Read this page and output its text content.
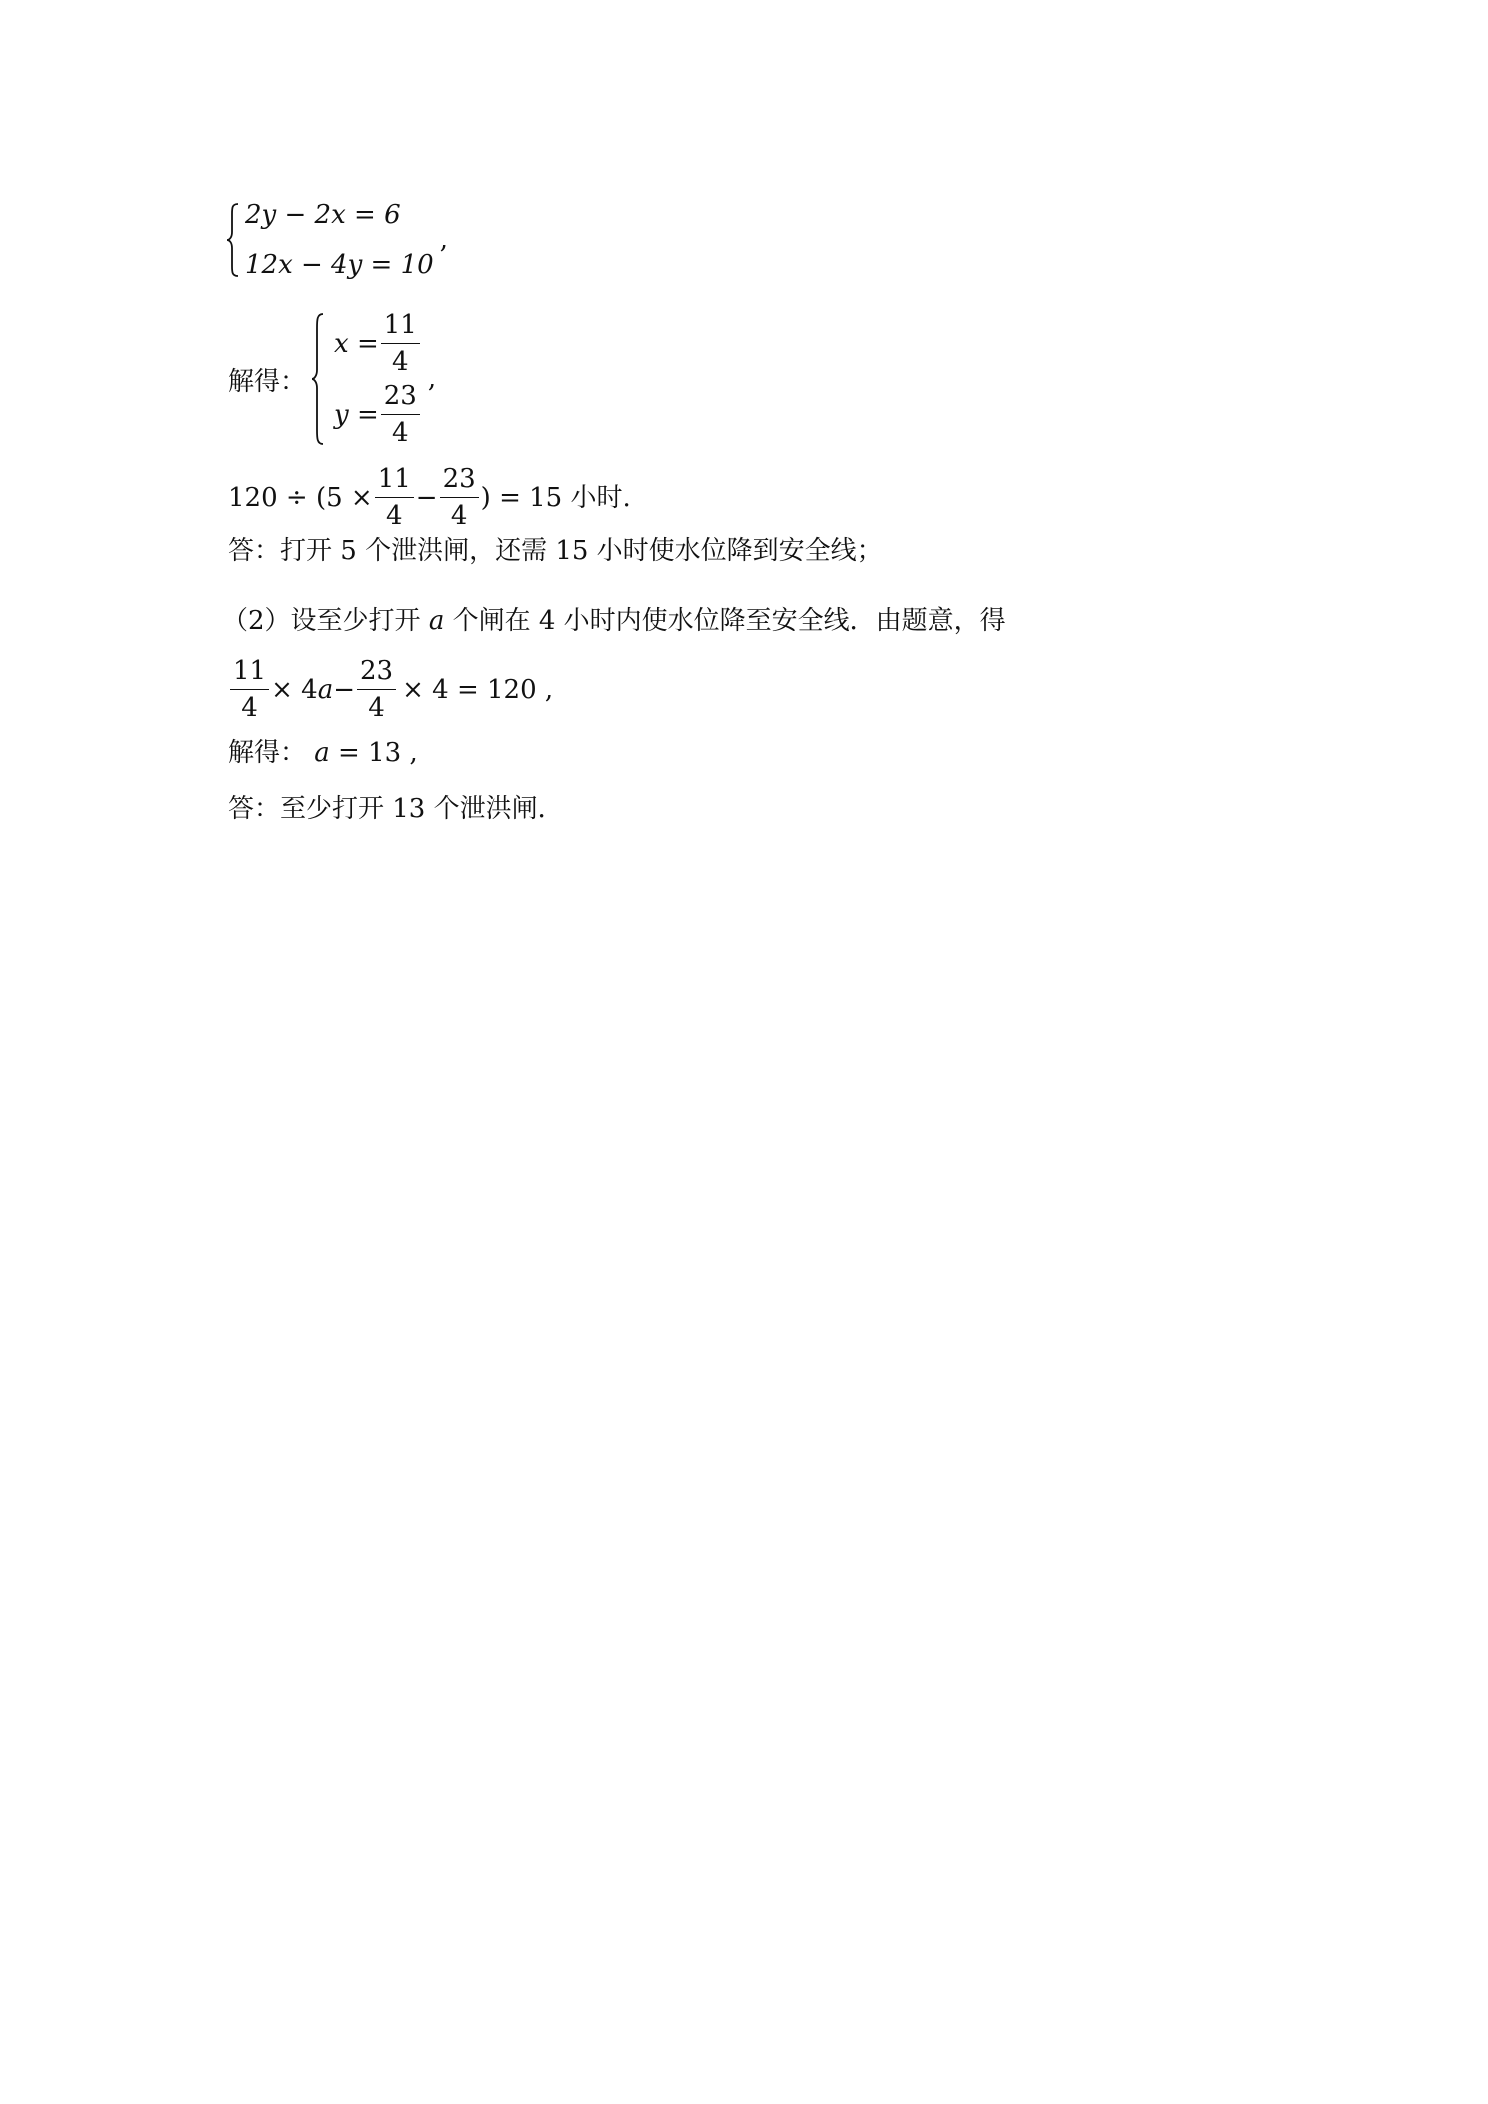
2y − 2x = 6
12x − 4y = 10
,
解得：
$x = \frac{11}{4}$
$y = \frac{23}{4}$
,
$120 \div (5 \times \frac{11}{4} - \frac{23}{4}$ ) = 15 小时.
答：打开 5 个泄洪闸，还需 15 小时使水位降到安全线；
（2）设至少打开 a 个闸在 4 小时内使水位降至安全线．由题意，得
$\frac{11}{4} \times 4$ $a - \frac{23}{4} \times 4 = 120$ ,
解得： a = 13 ,
答：至少打开 13 个泄洪闸．
